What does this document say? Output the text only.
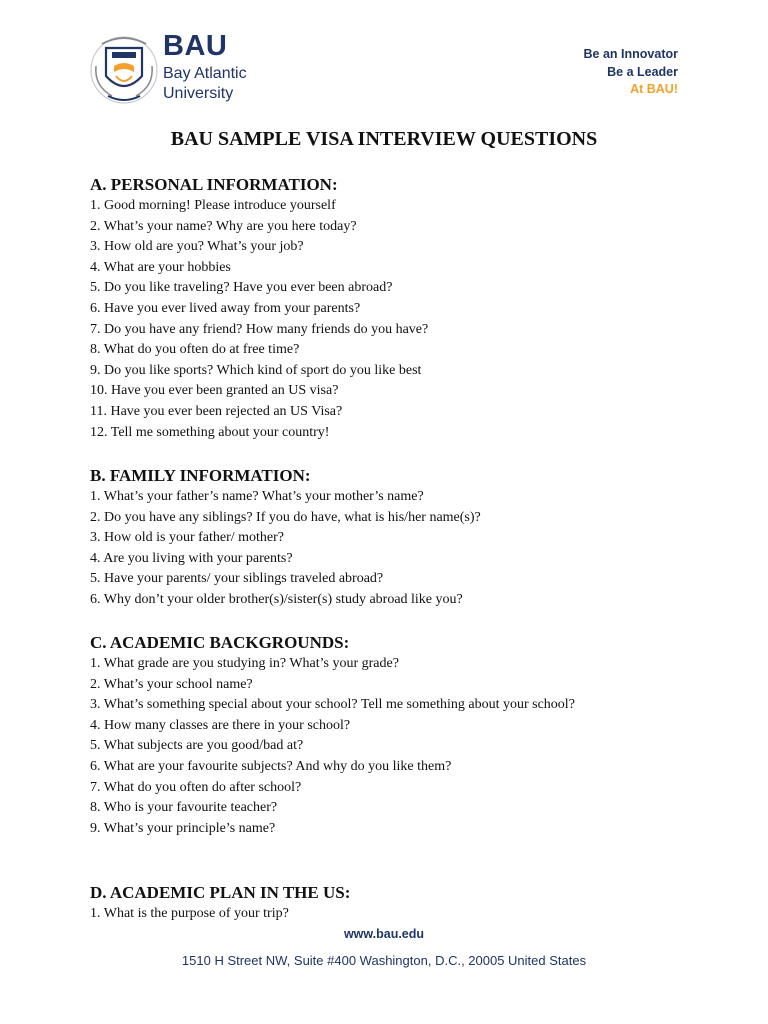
BAU
Bay Atlantic
University
Be an Innovator
Be a Leader
At BAU!
BAU SAMPLE VISA INTERVIEW QUESTIONS
A. PERSONAL INFORMATION:
1. Good morning! Please introduce yourself
2. What’s your name? Why are you here today?
3. How old are you? What’s your job?
4. What are your hobbies
5. Do you like traveling? Have you ever been abroad?
6. Have you ever lived away from your parents?
7. Do you have any friend? How many friends do you have?
8. What do you often do at free time?
9. Do you like sports? Which kind of sport do you like best
10. Have you ever been granted an US visa?
11. Have you ever been rejected an US Visa?
12. Tell me something about your country!
B. FAMILY INFORMATION:
1. What’s your father’s name? What’s your mother’s name?
2. Do you have any siblings? If you do have, what is his/her name(s)?
3. How old is your father/ mother?
4. Are you living with your parents?
5. Have your parents/ your siblings traveled abroad?
6. Why don’t your older brother(s)/sister(s) study abroad like you?
C. ACADEMIC BACKGROUNDS:
1. What grade are you studying in? What’s your grade?
2. What’s your school name?
3. What’s something special about your school? Tell me something about your school?
4. How many classes are there in your school?
5. What subjects are you good/bad at?
6. What are your favourite subjects? And why do you like them?
7. What do you often do after school?
8. Who is your favourite teacher?
9. What’s your principle’s name?
D. ACADEMIC PLAN IN THE US:
1. What is the purpose of your trip?
www.bau.edu
1510 H Street NW, Suite #400 Washington, D.C., 20005 United States
